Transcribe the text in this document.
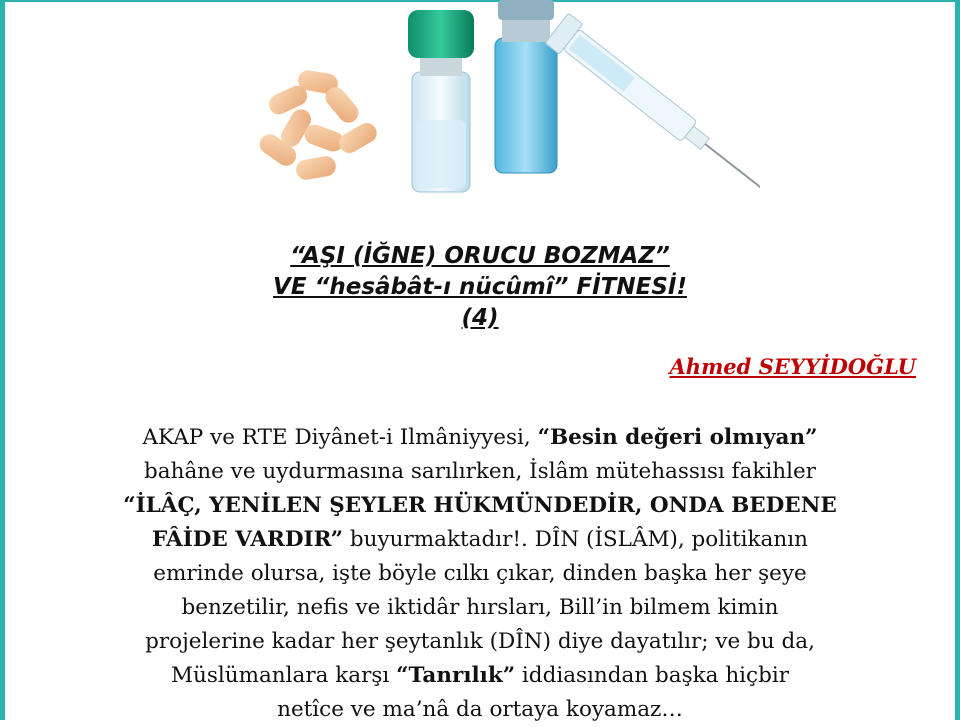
“AŞI (İĞNE) ORUCU BOZMAZ”
VE “hesâbât-ı nücûmî” FİTNESİ!
(4)
Ahmed SEYYİDOĞLU
AKAP ve RTE Diyânet-i Ilmâniyyesi, “Besin değeri olmıyan”
bahâne ve uydurmasına sarılırken, İslâm mütehassısı fakihler
“İLÂÇ, YENİLEN ŞEYLER HÜKMÜNDEDİR, ONDA BEDENE
FÂİDE VARDIR” buyurmaktadır!. DÎN (İSLÂM), politikanın
emrinde olursa, işte böyle cılkı çıkar, dinden başka her şeye
benzetilir, nefis ve iktidâr hırsları, Bill’in bilmem kimin
projelerine kadar her şeytanlık (DÎN) diye dayatılır; ve bu da,
Müslümanlara karşı “Tanrılık” iddiasından başka hiçbir
netîce ve ma’nâ da ortaya koyamaz…
